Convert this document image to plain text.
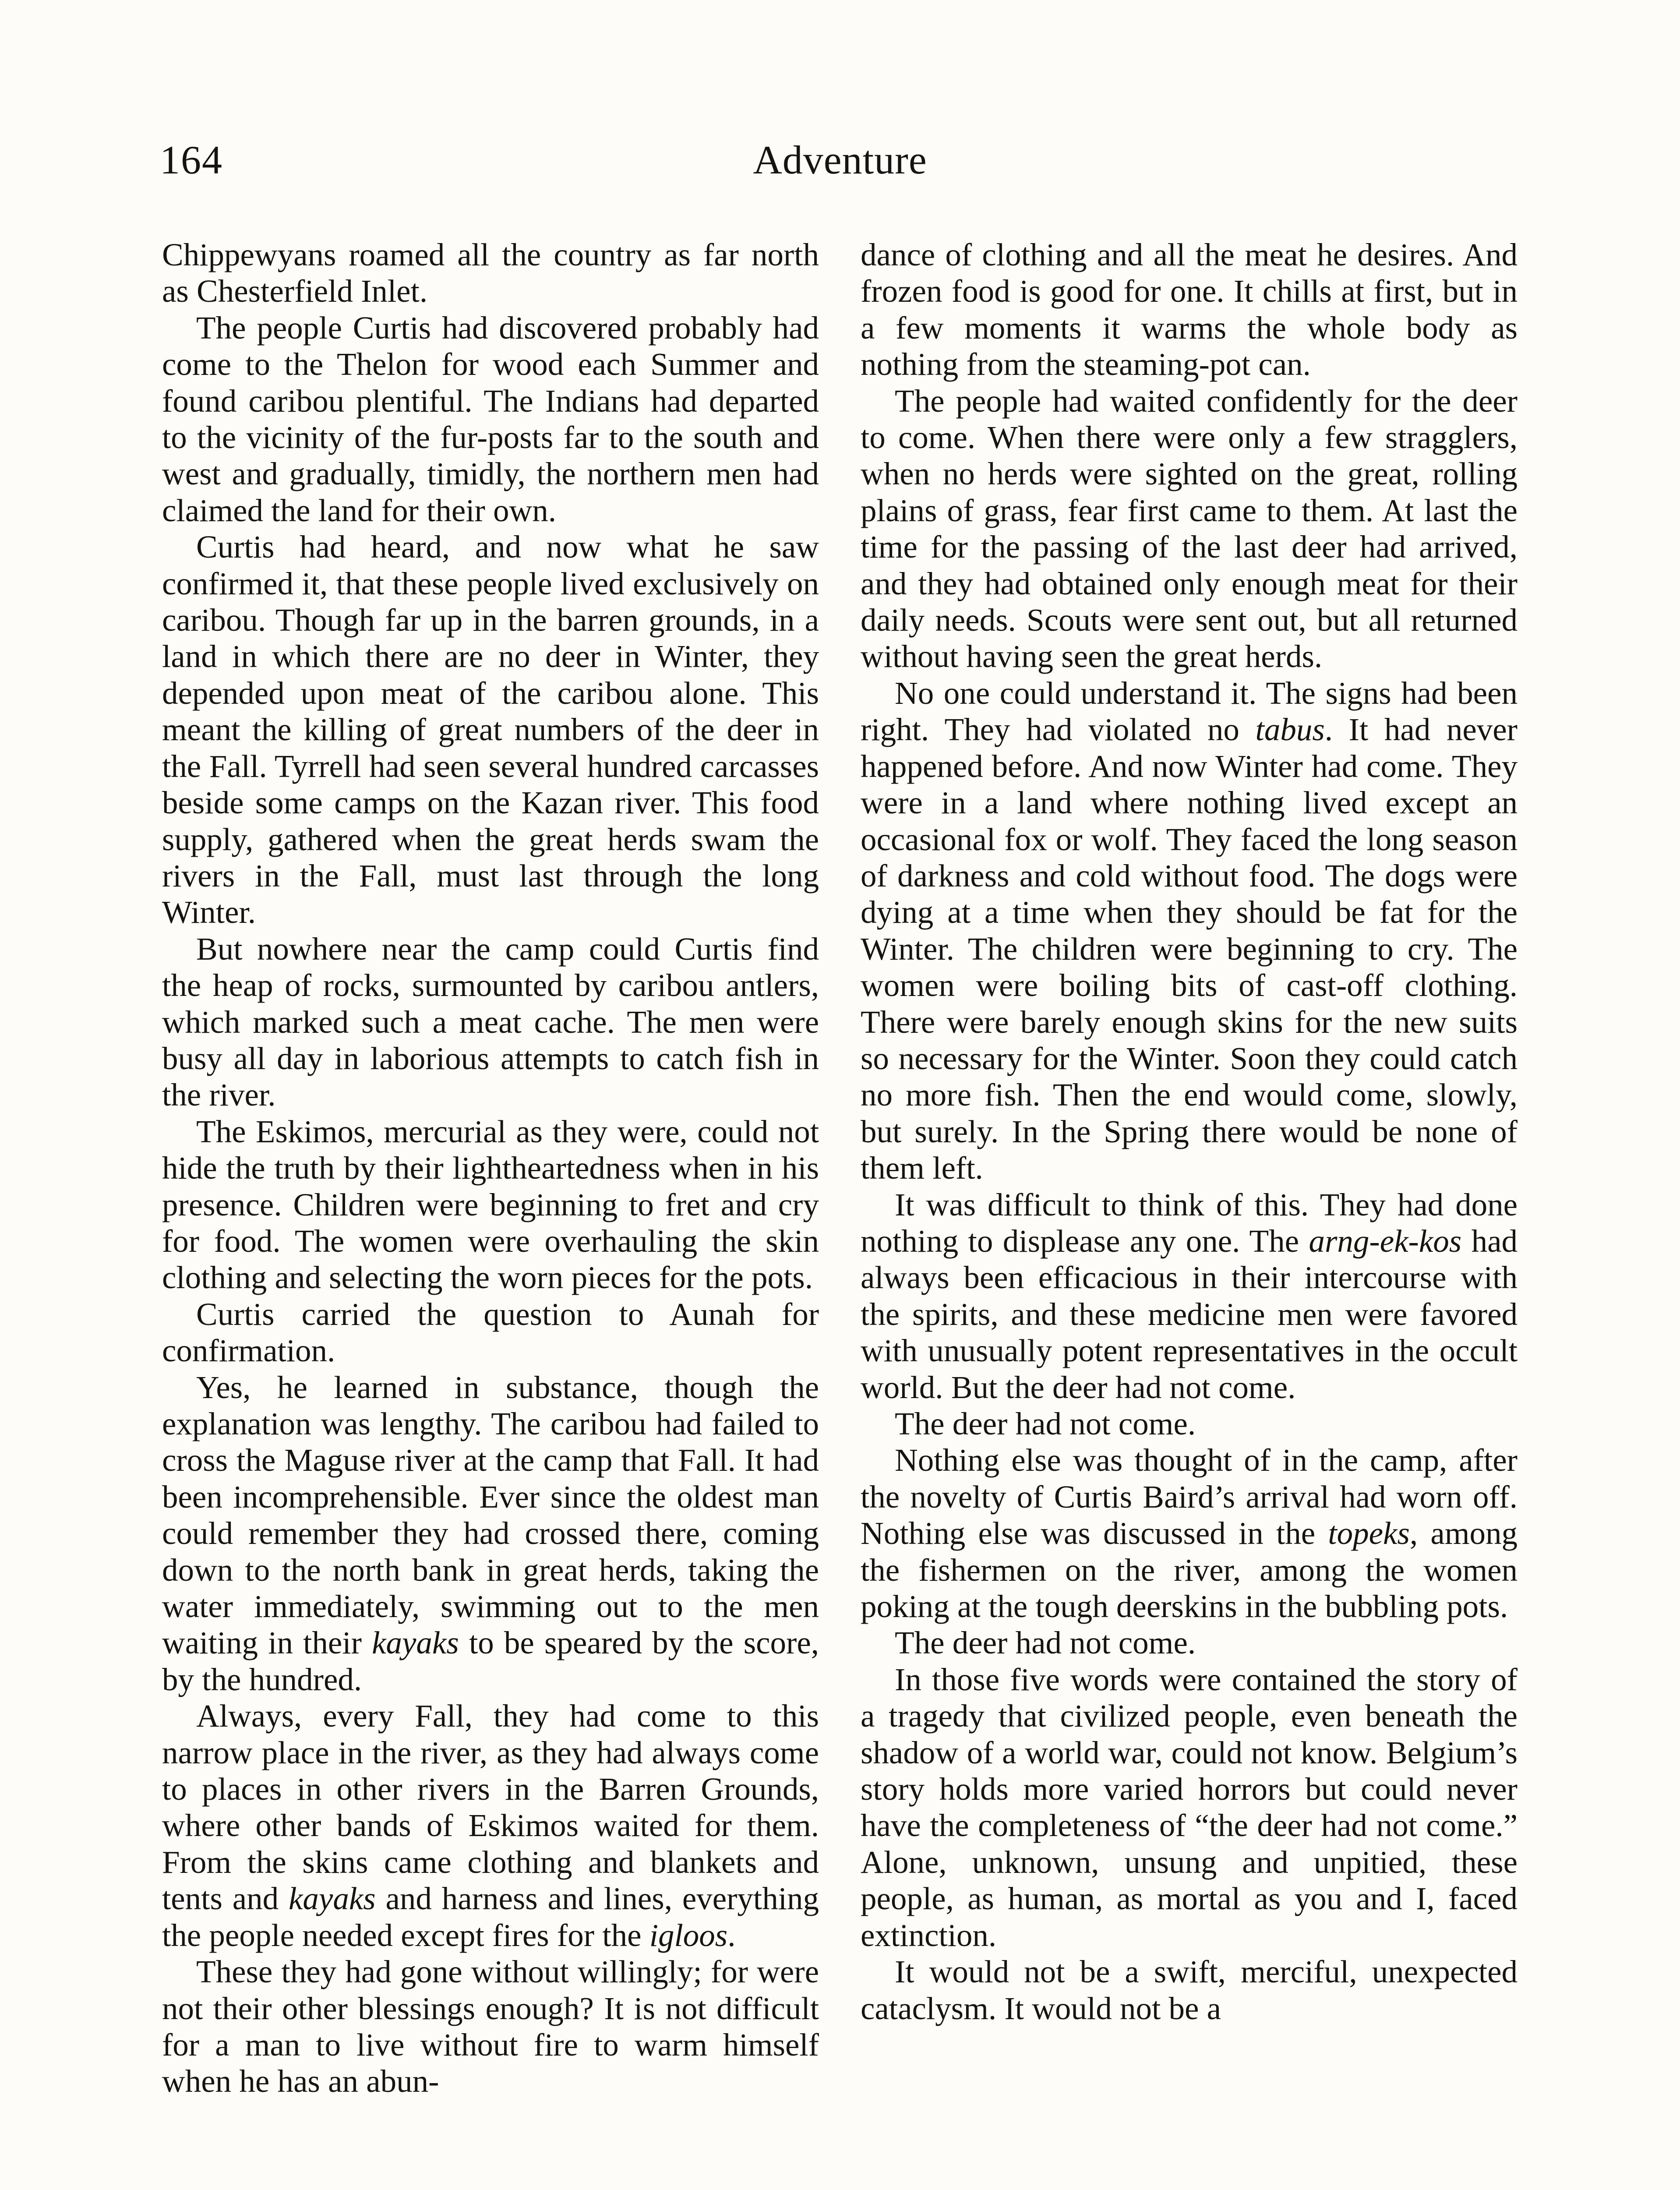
164	Adventure

Chippewyans roamed all the country as far north as Chesterfield Inlet.

The people Curtis had discovered probably had come to the Thelon for wood each Summer and found caribou plentiful. The Indians had departed to the vicinity of the fur-posts far to the south and west and gradually, timidly, the northern men had claimed the land for their own.

Curtis had heard, and now what he saw confirmed it, that these people lived exclusively on caribou. Though far up in the barren grounds, in a land in which there are no deer in Winter, they depended upon meat of the caribou alone. This meant the killing of great numbers of the deer in the Fall. Tyrrell had seen several hundred carcasses beside some camps on the Kazan river. This food supply, gathered when the great herds swam the rivers in the Fall, must last through the long Winter.

But nowhere near the camp could Curtis find the heap of rocks, surmounted by caribou antlers, which marked such a meat cache. The men were busy all day in laborious attempts to catch fish in the river.

The Eskimos, mercurial as they were, could not hide the truth by their lightheartedness when in his presence. Children were beginning to fret and cry for food. The women were overhauling the skin clothing and selecting the worn pieces for the pots.

Curtis carried the question to Aunah for confirmation.

Yes, he learned in substance, though the explanation was lengthy. The caribou had failed to cross the Maguse river at the camp that Fall. It had been incomprehensible. Ever since the oldest man could remember they had crossed there, coming down to the north bank in great herds, taking the water immediately, swimming out to the men waiting in their kayaks to be speared by the score, by the hundred.

Always, every Fall, they had come to this narrow place in the river, as they had always come to places in other rivers in the Barren Grounds, where other bands of Eskimos waited for them. From the skins came clothing and blankets and tents and kayaks and harness and lines, everything the people needed except fires for the igloos.

These they had gone without willingly; for were not their other blessings enough? It is not difficult for a man to live without fire to warm himself when he has an abun-

dance of clothing and all the meat he desires. And frozen food is good for one. It chills at first, but in a few moments it warms the whole body as nothing from the steaming-pot can.

The people had waited confidently for the deer to come. When there were only a few stragglers, when no herds were sighted on the great, rolling plains of grass, fear first came to them. At last the time for the passing of the last deer had arrived, and they had obtained only enough meat for their daily needs. Scouts were sent out, but all returned without having seen the great herds.

No one could understand it. The signs had been right. They had violated no tabus. It had never happened before. And now Winter had come. They were in a land where nothing lived except an occasional fox or wolf. They faced the long season of darkness and cold without food. The dogs were dying at a time when they should be fat for the Winter. The children were beginning to cry. The women were boiling bits of cast-off clothing. There were barely enough skins for the new suits so necessary for the Winter. Soon they could catch no more fish. Then the end would come, slowly, but surely. In the Spring there would be none of them left.

It was difficult to think of this. They had done nothing to displease any one. The arng-ek-kos had always been efficacious in their intercourse with the spirits, and these medicine men were favored with unusually potent representatives in the occult world. But the deer had not come.

The deer had not come.

Nothing else was thought of in the camp, after the novelty of Curtis Baird’s arrival had worn off. Nothing else was discussed in the topeks, among the fishermen on the river, among the women poking at the tough deerskins in the bubbling pots.

The deer had not come.

In those five words were contained the story of a tragedy that civilized people, even beneath the shadow of a world war, could not know. Belgium’s story holds more varied horrors but could never have the completeness of “the deer had not come.” Alone, unknown, unsung and unpitied, these people, as human, as mortal as you and I, faced extinction.

It would not be a swift, merciful, unexpected cataclysm. It would not be a
